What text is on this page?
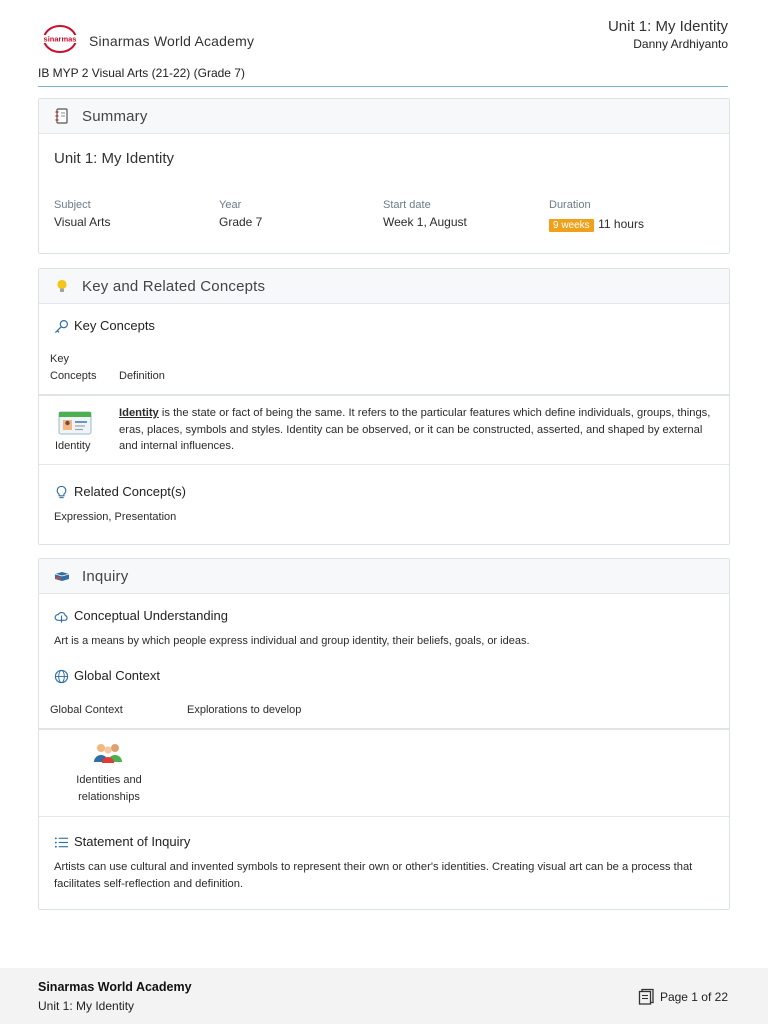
sinarmas Sinarmas World Academy
Unit 1: My Identity
Danny Ardhiyanto
IB MYP 2 Visual Arts (21-22) (Grade 7)
Summary
Unit 1: My Identity
Subject
Visual Arts
Year
Grade 7
Start date
Week 1, August
Duration
9 weeks 11 hours
Key and Related Concepts
Key Concepts
Key
Concepts Definition
Identity
Identity is the state or fact of being the same. It refers to the particular features which define individuals, groups, things, eras, places, symbols and styles. Identity can be observed, or it can be constructed, asserted, and shaped by external and internal influences.
Related Concept(s)
Expression, Presentation
Inquiry
Conceptual Understanding
Art is a means by which people express individual and group identity, their beliefs, goals, or ideas.
Global Context
Global Context	Explorations to develop
Identities and
relationships
Statement of Inquiry
Artists can use cultural and invented symbols to represent their own or other's identities. Creating visual art can be a process that facilitates self-reflection and definition.
Sinarmas World Academy
Unit 1: My Identity
Page 1 of 22
